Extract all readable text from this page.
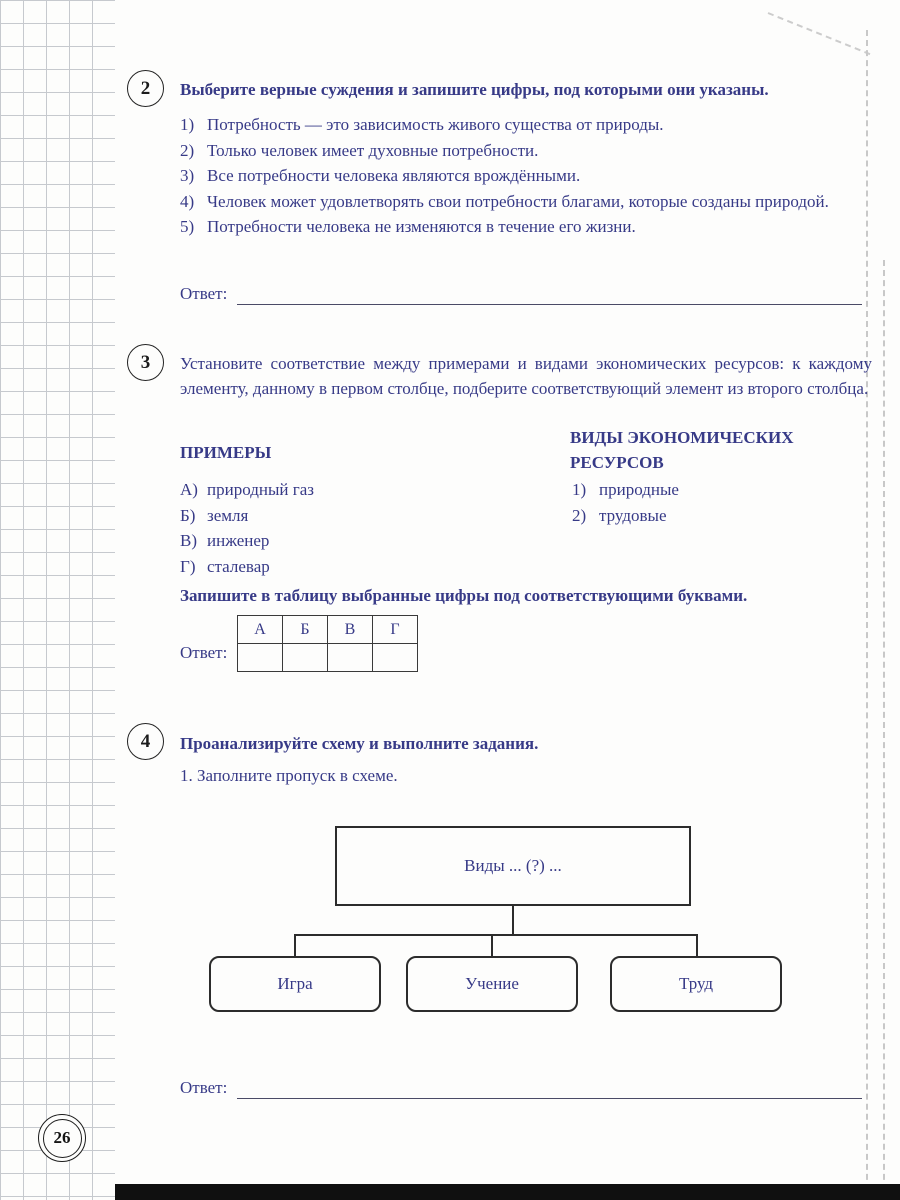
2 Выберите верные суждения и запишите цифры, под которыми они указаны.
1) Потребность — это зависимость живого существа от природы.
2) Только человек имеет духовные потребности.
3) Все потребности человека являются врождёнными.
4) Человек может удовлетворять свои потребности благами, которые созданы природой.
5) Потребности человека не изменяются в течение его жизни.
Ответ:
3 Установите соответствие между примерами и видами экономических ресурсов: к каждому элементу, данному в первом столбце, подберите соответствующий элемент из второго столбца.
ВИДЫ ЭКОНОМИЧЕСКИХ РЕСУРСОВ
ПРИМЕРЫ
А) природный газ
Б) земля
В) инженер
Г) сталевар
1) природные
2) трудовые
Запишите в таблицу выбранные цифры под соответствующими буквами.
Ответ:
А	Б	В	Г

4 Проанализируйте схему и выполните задания.
1. Заполните пропуск в схеме.
Виды ... (?) ...
Игра	Учение	Труд
Ответ:
26
